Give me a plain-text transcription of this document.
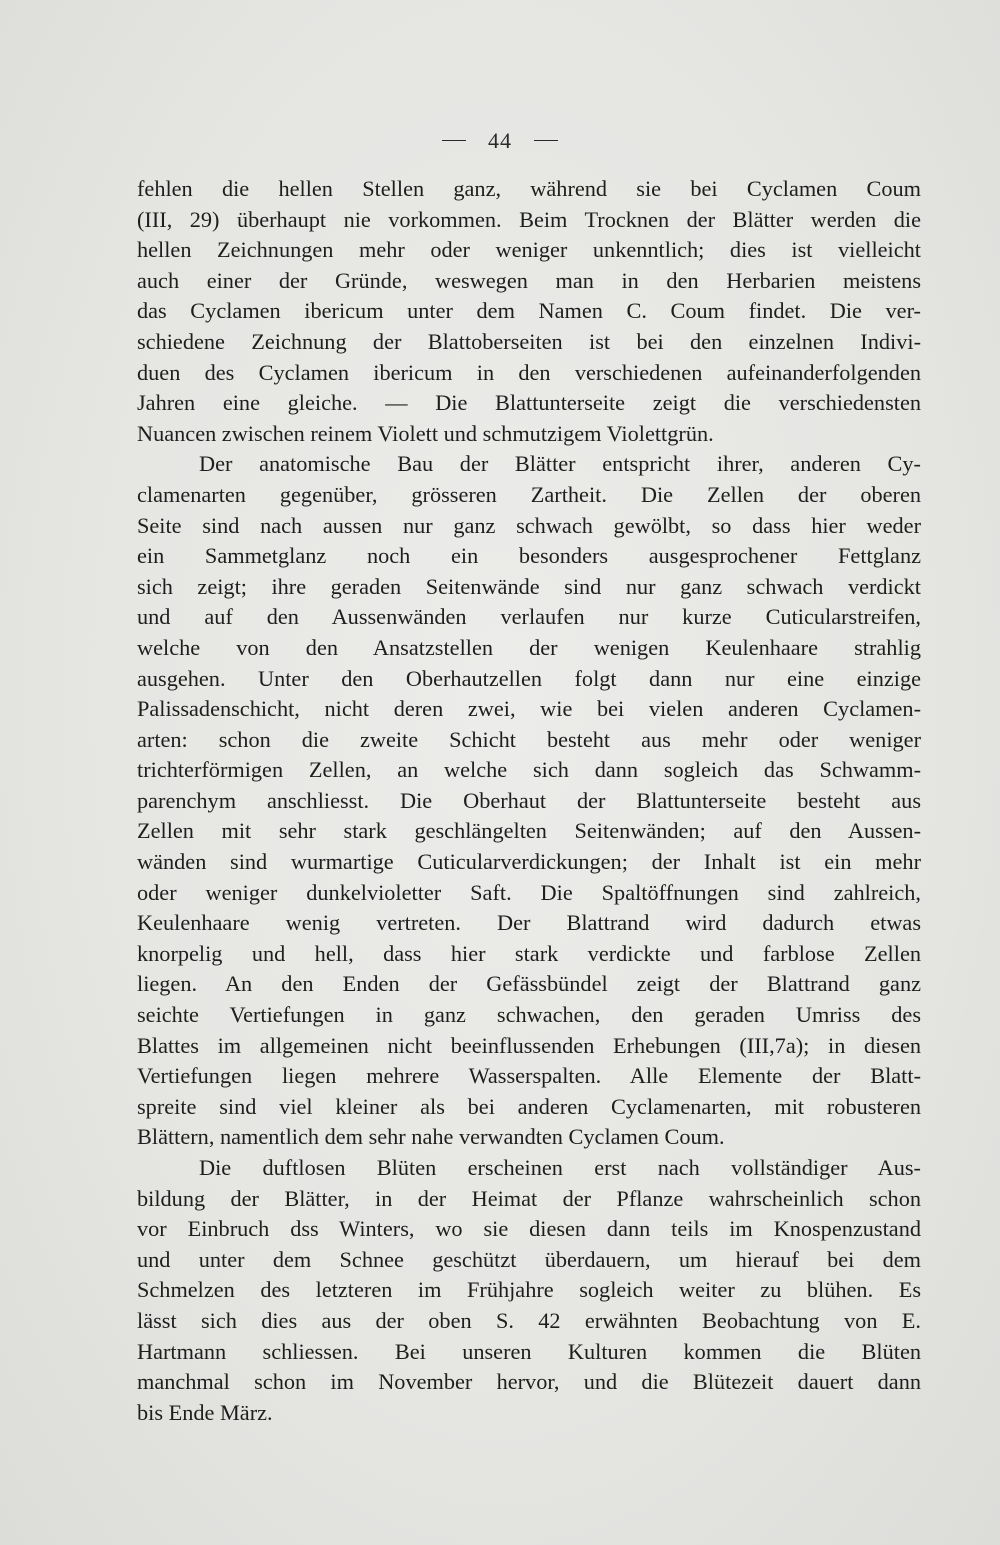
44
fehlen die hellen Stellen ganz, während sie bei Cyclamen Coum
(III, 29) überhaupt nie vorkommen. Beim Trocknen der Blätter werden die
hellen Zeichnungen mehr oder weniger unkenntlich; dies ist vielleicht
auch einer der Gründe, weswegen man in den Herbarien meistens
das Cyclamen ibericum unter dem Namen C. Coum findet. Die ver-
schiedene Zeichnung der Blattoberseiten ist bei den einzelnen Indivi-
duen des Cyclamen ibericum in den verschiedenen aufeinanderfolgenden
Jahren eine gleiche. — Die Blattunterseite zeigt die verschiedensten
Nuancen zwischen reinem Violett und schmutzigem Violettgrün.
Der anatomische Bau der Blätter entspricht ihrer, anderen Cy-
clamenarten gegenüber, grösseren Zartheit. Die Zellen der oberen
Seite sind nach aussen nur ganz schwach gewölbt, so dass hier weder
ein Sammetglanz noch ein besonders ausgesprochener Fettglanz
sich zeigt; ihre geraden Seitenwände sind nur ganz schwach verdickt
und auf den Aussenwänden verlaufen nur kurze Cuticularstreifen,
welche von den Ansatzstellen der wenigen Keulenhaare strahlig
ausgehen. Unter den Oberhautzellen folgt dann nur eine einzige
Palissadenschicht, nicht deren zwei, wie bei vielen anderen Cyclamen-
arten: schon die zweite Schicht besteht aus mehr oder weniger
trichterförmigen Zellen, an welche sich dann sogleich das Schwamm-
parenchym anschliesst. Die Oberhaut der Blattunterseite besteht aus
Zellen mit sehr stark geschlängelten Seitenwänden; auf den Aussen-
wänden sind wurmartige Cuticularverdickungen; der Inhalt ist ein mehr
oder weniger dunkelvioletter Saft. Die Spaltöffnungen sind zahlreich,
Keulenhaare wenig vertreten. Der Blattrand wird dadurch etwas
knorpelig und hell, dass hier stark verdickte und farblose Zellen
liegen. An den Enden der Gefässbündel zeigt der Blattrand ganz
seichte Vertiefungen in ganz schwachen, den geraden Umriss des
Blattes im allgemeinen nicht beeinflussenden Erhebungen (III,7a); in diesen
Vertiefungen liegen mehrere Wasserspalten. Alle Elemente der Blatt-
spreite sind viel kleiner als bei anderen Cyclamenarten, mit robusteren
Blättern, namentlich dem sehr nahe verwandten Cyclamen Coum.
Die duftlosen Blüten erscheinen erst nach vollständiger Aus-
bildung der Blätter, in der Heimat der Pflanze wahrscheinlich schon
vor Einbruch dss Winters, wo sie diesen dann teils im Knospenzustand
und unter dem Schnee geschützt überdauern, um hierauf bei dem
Schmelzen des letzteren im Frühjahre sogleich weiter zu blühen. Es
lässt sich dies aus der oben S. 42 erwähnten Beobachtung von E.
Hartmann schliessen. Bei unseren Kulturen kommen die Blüten
manchmal schon im November hervor, und die Blütezeit dauert dann
bis Ende März.
